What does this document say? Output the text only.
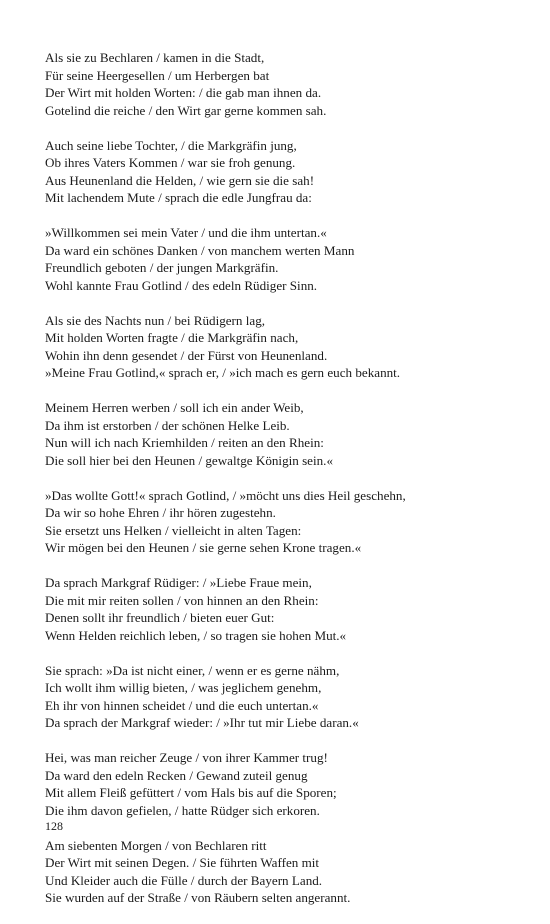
Als sie zu Bechlaren / kamen in die Stadt,
Für seine Heergesellen / um Herbergen bat
Der Wirt mit holden Worten: / die gab man ihnen da.
Gotelind die reiche / den Wirt gar gerne kommen sah.
Auch seine liebe Tochter, / die Markgräfin jung,
Ob ihres Vaters Kommen / war sie froh genung.
Aus Heunenland die Helden, / wie gern sie die sah!
Mit lachendem Mute / sprach die edle Jungfrau da:
»Willkommen sei mein Vater / und die ihm untertan.«
Da ward ein schönes Danken / von manchem werten Mann
Freundlich geboten / der jungen Markgräfin.
Wohl kannte Frau Gotlind / des edeln Rüdiger Sinn.
Als sie des Nachts nun / bei Rüdigern lag,
Mit holden Worten fragte / die Markgräfin nach,
Wohin ihn denn gesendet / der Fürst von Heunenland.
»Meine Frau Gotlind,« sprach er, / »ich mach es gern euch bekannt.
Meinem Herren werben / soll ich ein ander Weib,
Da ihm ist erstorben / der schönen Helke Leib.
Nun will ich nach Kriemhilden / reiten an den Rhein:
Die soll hier bei den Heunen / gewaltge Königin sein.«
»Das wollte Gott!« sprach Gotlind, / »möcht uns dies Heil geschehn,
Da wir so hohe Ehren / ihr hören zugestehn.
Sie ersetzt uns Helken / vielleicht in alten Tagen:
Wir mögen bei den Heunen / sie gerne sehen Krone tragen.«
Da sprach Markgraf Rüdiger: / »Liebe Fraue mein,
Die mit mir reiten sollen / von hinnen an den Rhein:
Denen sollt ihr freundlich / bieten euer Gut:
Wenn Helden reichlich leben, / so tragen sie hohen Mut.«
Sie sprach: »Da ist nicht einer, / wenn er es gerne nähm,
Ich wollt ihm willig bieten, / was jeglichem genehm,
Eh ihr von hinnen scheidet / und die euch untertan.«
Da sprach der Markgraf wieder: / »Ihr tut mir Liebe daran.«
Hei, was man reicher Zeuge / von ihrer Kammer trug!
Da ward den edeln Recken / Gewand zuteil genug
Mit allem Fleiß gefüttert / vom Hals bis auf die Sporen;
Die ihm davon gefielen, / hatte Rüdger sich erkoren.
Am siebenten Morgen / von Bechlaren ritt
Der Wirt mit seinen Degen. / Sie führten Waffen mit
Und Kleider auch die Fülle / durch der Bayern Land.
Sie wurden auf der Straße / von Räubern selten angerannt.
128
